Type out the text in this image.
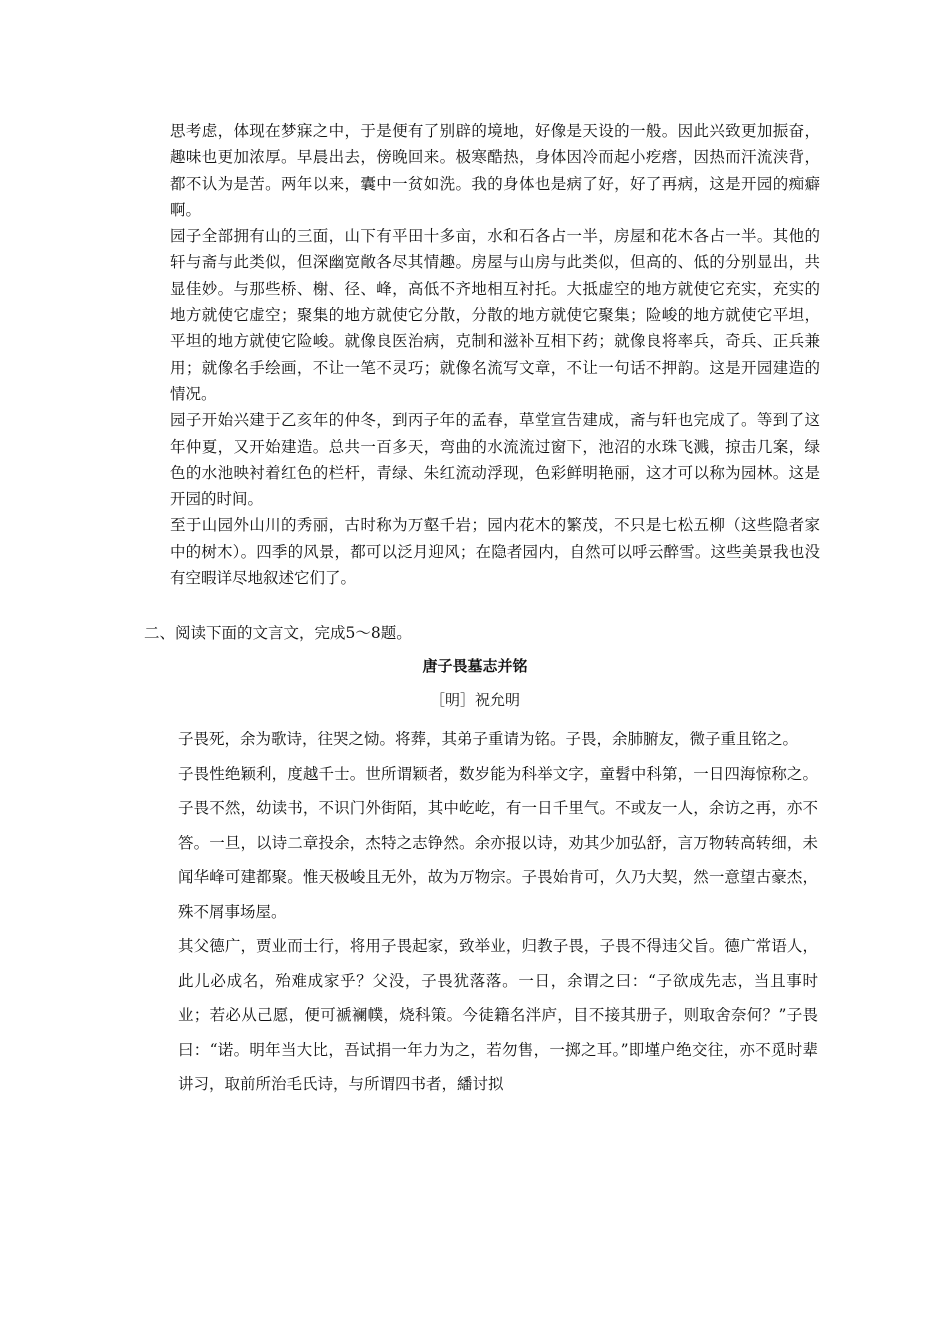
思考虑，体现在梦寐之中，于是便有了别辟的境地，好像是天设的一般。因此兴致更加振奋，趣味也更加浓厚。早晨出去，傍晚回来。极寒酷热，身体因冷而起小疙瘩，因热而汗流浃背，都不认为是苦。两年以来，囊中一贫如洗。我的身体也是病了好，好了再病，这是开园的痴癖啊。

园子全部拥有山的三面，山下有平田十多亩，水和石各占一半，房屋和花木各占一半。其他的轩与斋与此类似，但深幽宽敞各尽其情趣。房屋与山房与此类似，但高的、低的分别显出，共显佳妙。与那些桥、榭、径、峰，高低不齐地相互衬托。大抵虚空的地方就使它充实，充实的地方就使它虚空；聚集的地方就使它分散，分散的地方就使它聚集；险峻的地方就使它平坦，平坦的地方就使它险峻。就像良医治病，克制和滋补互相下药；就像良将率兵，奇兵、正兵兼用；就像名手绘画，不让一笔不灵巧；就像名流写文章，不让一句话不押韵。这是开园建造的情况。

园子开始兴建于乙亥年的仲冬，到丙子年的孟春，草堂宣告建成，斋与轩也完成了。等到了这年仲夏，又开始建造。总共一百多天，弯曲的水流流过窗下，池沼的水珠飞溅，掠击几案，绿色的水池映衬着红色的栏杆，青绿、朱红流动浮现，色彩鲜明艳丽，这才可以称为园林。这是开园的时间。

至于山园外山川的秀丽，古时称为万壑千岩；园内花木的繁茂，不只是七松五柳（这些隐者家中的树木）。四季的风景，都可以泛月迎风；在隐者园内，自然可以呼云醉雪。这些美景我也没有空暇详尽地叙述它们了。

二、阅读下面的文言文，完成5～8题。

唐子畏墓志并铭

［明］祝允明

子畏死，余为歌诗，往哭之恸。将葬，其弟子重请为铭。子畏，余肺腑友，微子重且铭之。

子畏性绝颖利，度越千士。世所谓颖者，数岁能为科举文字，童髫中科第，一日四海惊称之。子畏不然，幼读书，不识门外街陌，其中屹屹，有一日千里气。不或友一人，余访之再，亦不答。一旦，以诗二章投余，杰特之志铮然。余亦报以诗，劝其少加弘舒，言万物转高转细，未闻华峰可建都聚。惟天极峻且无外，故为万物宗。子畏始肯可，久乃大契，然一意望古豪杰，殊不屑事场屋。

其父德广，贾业而士行，将用子畏起家，致举业，归教子畏，子畏不得违父旨。德广常语人，此儿必成名，殆难成家乎？父没，子畏犹落落。一日，余谓之曰：“子欲成先志，当且事时业；若必从己愿，便可褫襕幞，烧科策。今徒籍名泮庐，目不接其册子，则取舍奈何？”子畏曰：“诺。明年当大比，吾试捐一年力为之，若勿售，一掷之耳。”即墐户绝交往，亦不觅时辈讲习，取前所治毛氏诗，与所谓四书者，繙讨拟
